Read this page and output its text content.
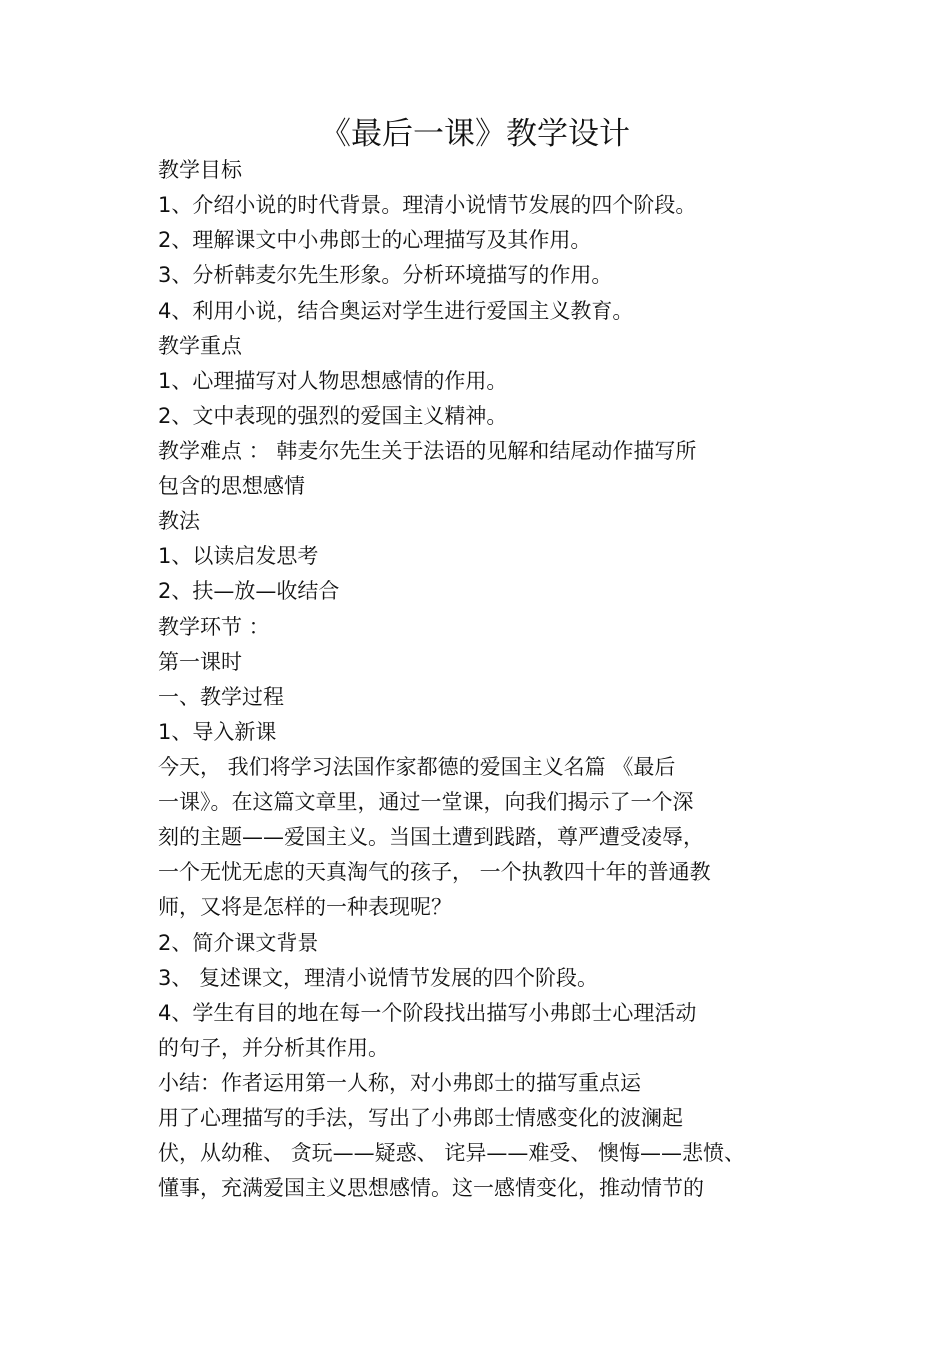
《最后一课》教学设计
教学目标
1、介绍小说的时代背景。理清小说情节发展的四个阶段。
2、理解课文中小弗郎士的心理描写及其作用。
3、分析韩麦尔先生形象。分析环境描写的作用。
4、利用小说，结合奥运对学生进行爱国主义教育。
教学重点
1、心理描写对人物思想感情的作用。
2、文中表现的强烈的爱国主义精神。
教学难点 ： 韩麦尔先生关于法语的见解和结尾动作描写所
包含的思想感情
教法
1、以读启发思考
2、扶—放—收结合
教学环节 ：
第一课时
一、教学过程
1、导入新课
今天， 我们将学习法国作家都德的爱国主义名篇 《最后
一课》。在这篇文章里，通过一堂课，向我们揭示了一个深
刻的主题——爱国主义。当国土遭到践踏，尊严遭受凌辱，
一个无忧无虑的天真淘气的孩子， 一个执教四十年的普通教
师，又将是怎样的一种表现呢？
2、简介课文背景
3、 复述课文，理清小说情节发展的四个阶段。
4、学生有目的地在每一个阶段找出描写小弗郎士心理活动
的句子，并分析其作用。
小结：作者运用第一人称，对小弗郎士的描写重点运
用了心理描写的手法，写出了小弗郎士情感变化的波澜起
伏，从幼稚、 贪玩——疑惑、 诧异——难受、 懊悔——悲愤、
懂事，充满爱国主义思想感情。这一感情变化，推动情节的
